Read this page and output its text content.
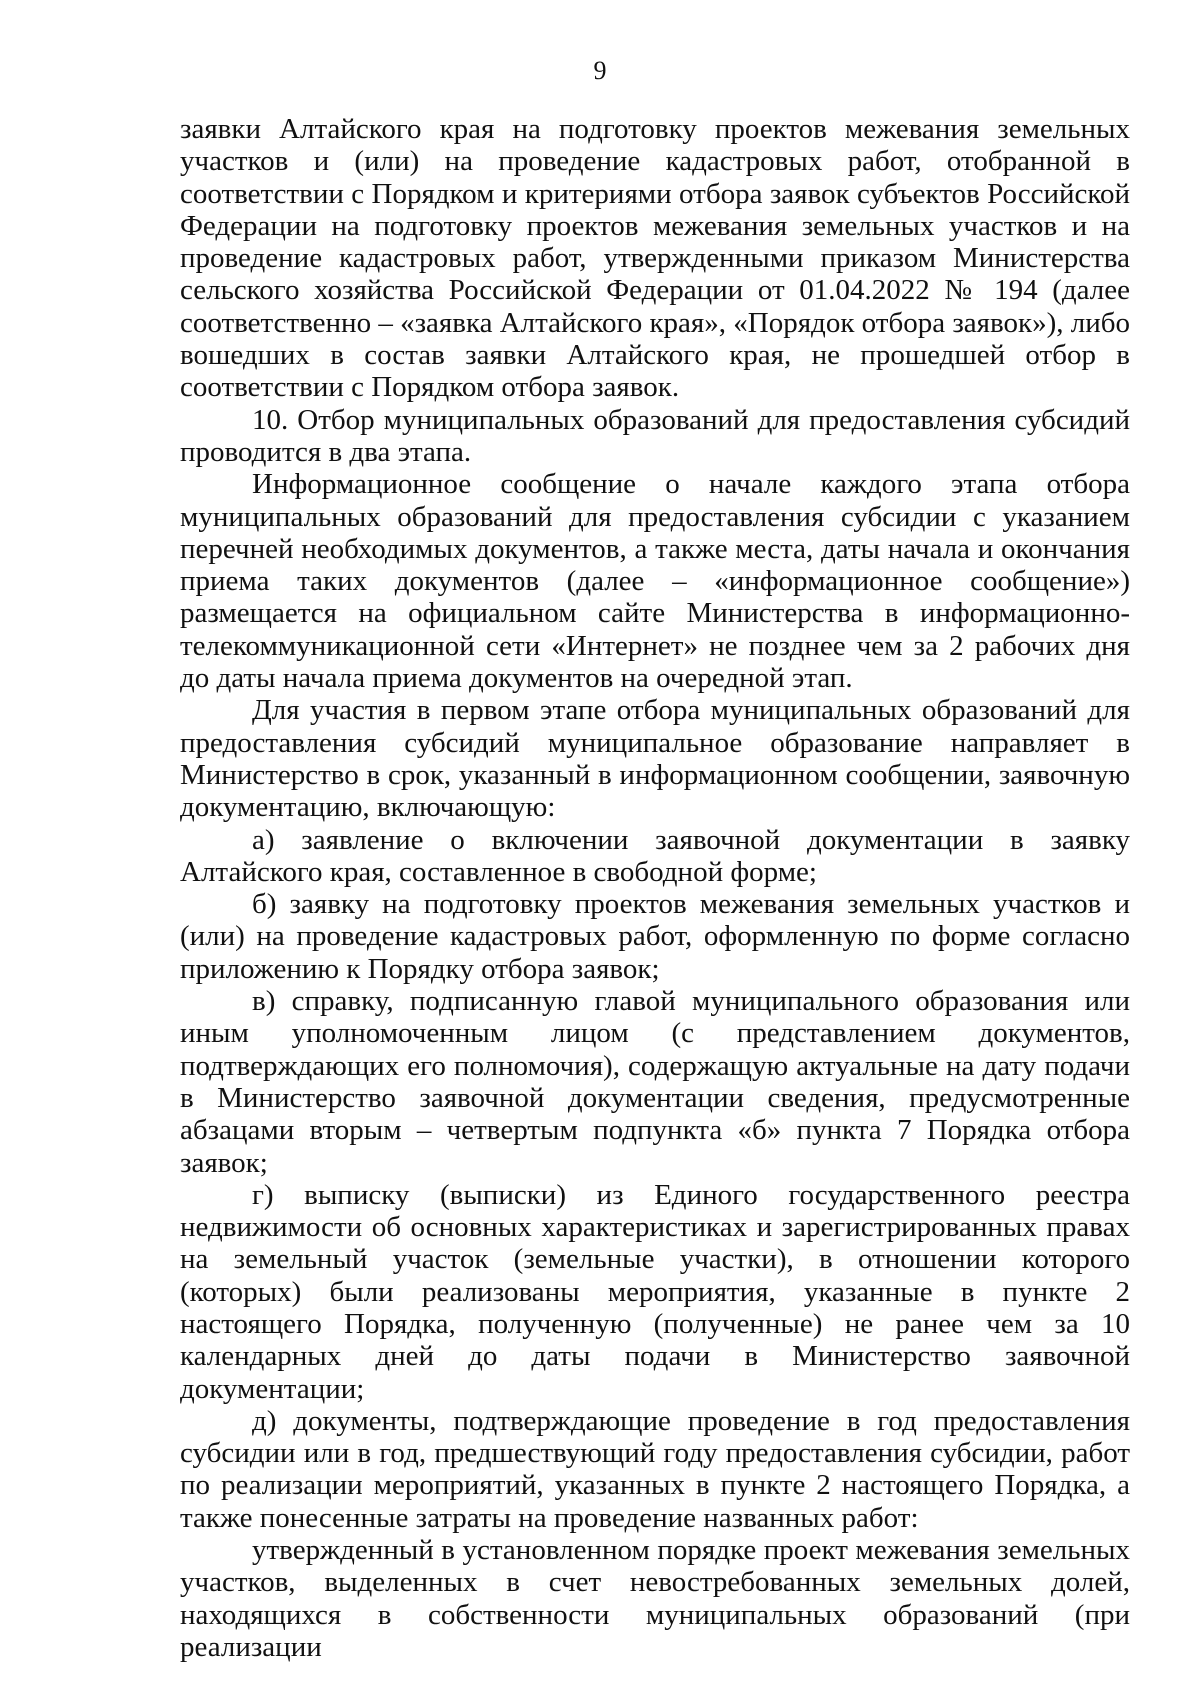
9

заявки Алтайского края на подготовку проектов межевания земельных участков и (или) на проведение кадастровых работ, отобранной в соответствии с Порядком и критериями отбора заявок субъектов Российской Федерации на подготовку проектов межевания земельных участков и на проведение кадастровых работ, утвержденными приказом Министерства сельского хозяйства Российской Федерации от 01.04.2022 № 194 (далее соответственно – «заявка Алтайского края», «Порядок отбора заявок»), либо вошедших в состав заявки Алтайского края, не прошедшей отбор в соответствии с Порядком отбора заявок.

10. Отбор муниципальных образований для предоставления субсидий проводится в два этапа.

Информационное сообщение о начале каждого этапа отбора муниципальных образований для предоставления субсидии с указанием перечней необходимых документов, а также места, даты начала и окончания приема таких документов (далее – «информационное сообщение») размещается на официальном сайте Министерства в информационно-телекоммуникационной сети «Интернет» не позднее чем за 2 рабочих дня до даты начала приема документов на очередной этап.

Для участия в первом этапе отбора муниципальных образований для предоставления субсидий муниципальное образование направляет в Министерство в срок, указанный в информационном сообщении, заявочную документацию, включающую:

а) заявление о включении заявочной документации в заявку Алтайского края, составленное в свободной форме;

б) заявку на подготовку проектов межевания земельных участков и (или) на проведение кадастровых работ, оформленную по форме согласно приложению к Порядку отбора заявок;

в) справку, подписанную главой муниципального образования или иным уполномоченным лицом (с представлением документов, подтверждающих его полномочия), содержащую актуальные на дату подачи в Министерство заявочной документации сведения, предусмотренные абзацами вторым – четвертым подпункта «б» пункта 7 Порядка отбора заявок;

г) выписку (выписки) из Единого государственного реестра недвижимости об основных характеристиках и зарегистрированных правах на земельный участок (земельные участки), в отношении которого (которых) были реализованы мероприятия, указанные в пункте 2 настоящего Порядка, полученную (полученные) не ранее чем за 10 календарных дней до даты подачи в Министерство заявочной документации;

д) документы, подтверждающие проведение в год предоставления субсидии или в год, предшествующий году предоставления субсидии, работ по реализации мероприятий, указанных в пункте 2 настоящего Порядка, а также понесенные затраты на проведение названных работ:

утвержденный в установленном порядке проект межевания земельных участков, выделенных в счет невостребованных земельных долей, находящихся в собственности муниципальных образований (при реализации
